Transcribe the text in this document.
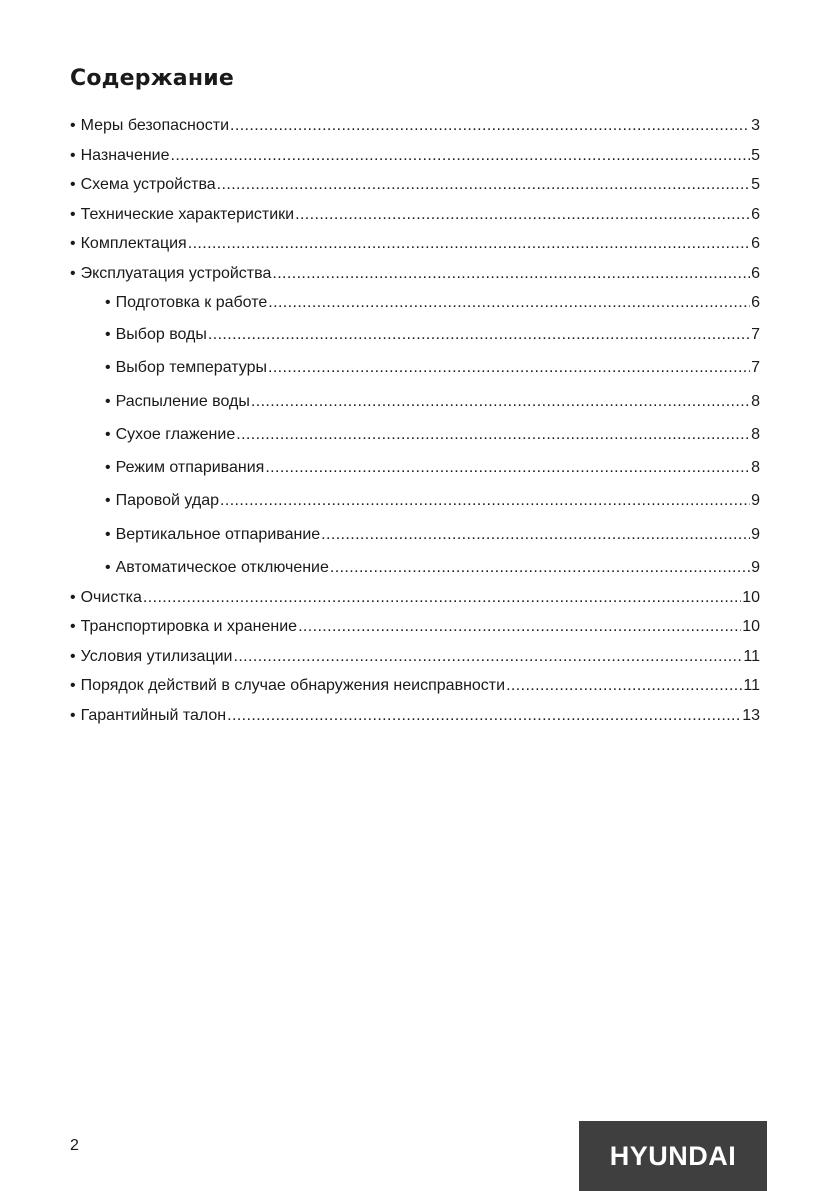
Содержание
• Меры безопасности .....	3
• Назначение .....	5
• Схема устройства .....	5
• Технические характеристики .....	6
• Комплектация .....	6
• Эксплуатация устройства .....	6
• Подготовка к работе .....	6
• Выбор воды .....	7
• Выбор температуры .....	7
• Распыление воды .....	8
• Сухое глажение .....	8
• Режим отпаривания .....	8
• Паровой удар .....	9
• Вертикальное отпаривание .....	9
• Автоматическое отключение .....	9
• Очистка .....	10
• Транспортировка и хранение .....	10
• Условия утилизации .....	11
• Порядок действий в случае обнаружения неисправности .....	11
• Гарантийный талон .....	13
2	HYUNDAI
